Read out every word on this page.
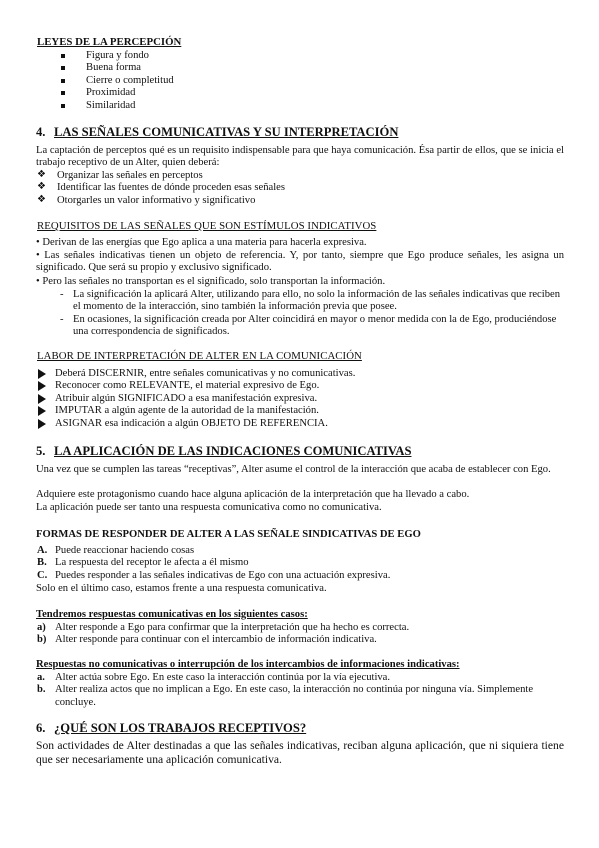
LEYES DE LA PERCEPCIÓN
Figura y fondo
Buena forma
Cierre o completitud
Proximidad
Similaridad
4. LAS SEÑALES COMUNICATIVAS Y SU INTERPRETACIÓN
La captación de perceptos qué es un requisito indispensable para que haya comunicación. Ésa partir de ellos, que se inicia el trabajo receptivo de un Alter, quien deberá:
❖ Organizar las señales en perceptos
❖ Identificar las fuentes de dónde proceden esas señales
❖ Otorgarles un valor informativo y significativo
REQUISITOS DE LAS SEÑALES QUE SON ESTÍMULOS INDICATIVOS
• Derivan de las energías que Ego aplica a una materia para hacerla expresiva.
• Las señales indicativas tienen un objeto de referencia. Y, por tanto, siempre que Ego produce señales, les asigna un significado. Que será su propio y exclusivo significado.
• Pero las señales no transportan es el significado, solo transportan la información.
- La significación la aplicará Alter, utilizando para ello, no solo la información de las señales indicativas que reciben el momento de la interacción, sino también la información previa que posee.
- En ocasiones, la significación creada por Alter coincidirá en mayor o menor medida con la de Ego, produciéndose una correspondencia de significados.
LABOR DE INTERPRETACIÓN DE ALTER EN LA COMUNICACIÓN
Deberá DISCERNIR, entre señales comunicativas y no comunicativas.
Reconocer como RELEVANTE, el material expresivo de Ego.
Atribuir algún SIGNIFICADO a esa manifestación expresiva.
IMPUTAR a algún agente de la autoridad de la manifestación.
ASIGNAR esa indicación a algún OBJETO DE REFERENCIA.
5. LA APLICACIÓN DE LAS INDICACIONES COMUNICATIVAS
Una vez que se cumplen las tareas “receptivas”, Alter asume el control de la interacción que acaba de establecer con Ego.
Adquiere este protagonismo cuando hace alguna aplicación de la interpretación que ha llevado a cabo.
La aplicación puede ser tanto una respuesta comunicativa como no comunicativa.
FORMAS DE RESPONDER DE ALTER A LAS SEÑALE SINDICATIVAS DE EGO
A. Puede reaccionar haciendo cosas
B. La respuesta del receptor le afecta a él mismo
C. Puedes responder a las señales indicativas de Ego con una actuación expresiva.
Solo en el último caso, estamos frente a una respuesta comunicativa.
Tendremos respuestas comunicativas en los siguientes casos:
a) Alter responde a Ego para confirmar que la interpretación que ha hecho es correcta.
b) Alter responde para continuar con el intercambio de información indicativa.
Respuestas no comunicativas o interrupción de los intercambios de informaciones indicativas:
a. Alter actúa sobre Ego. En este caso la interacción continúa por la vía ejecutiva.
b. Alter realiza actos que no implican a Ego. En este caso, la interacción no continúa por ninguna vía. Simplemente concluye.
6. ¿QUÉ SON LOS TRABAJOS RECEPTIVOS?
Son actividades de Alter destinadas a que las señales indicativas, reciban alguna aplicación, que ni siquiera tiene que ser necesariamente una aplicación comunicativa.
